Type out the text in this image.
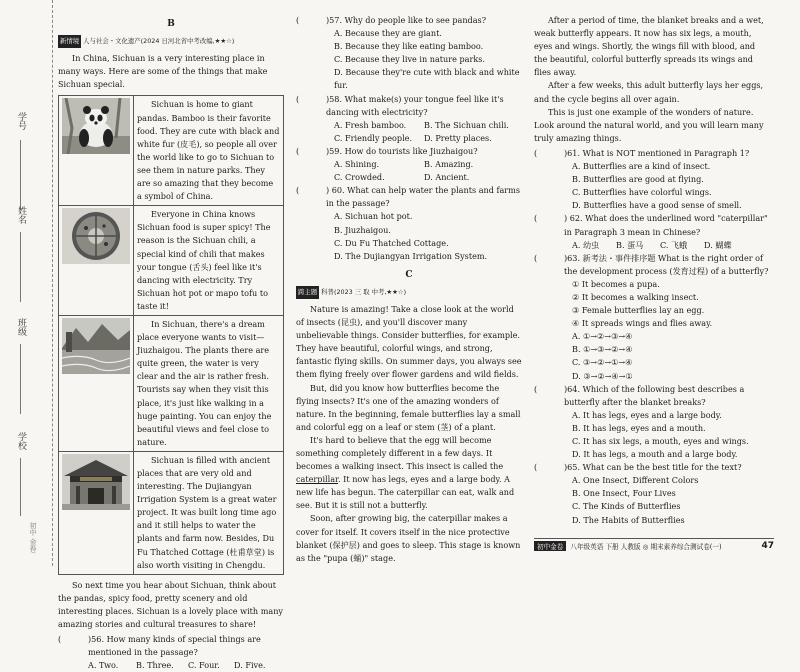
学号
姓名
班级
学校
初中 金卷
B
新情境 人与社会・文化遗产(2024 日河北省中考改编,★★☆)

In China, Sichuan is a very interesting place in many ways. Here are some of the things that make Sichuan special.

	Sichuan is home to giant pandas. Bamboo is their favorite food. They are cute with black and white fur (皮毛), so people all over the world like to go to Sichuan to see them in nature parks. They are so amazing that they become a symbol of China.
	Everyone in China knows Sichuan food is super spicy! The reason is the Sichuan chili, a special kind of chili that makes your tongue (舌头) feel like it's dancing with electricity. Try Sichuan hot pot or mapo tofu to taste it!
	In Sichuan, there's a dream place everyone wants to visit—Jiuzhaigou. The plants there are quite green, the water is very clear and the air is rather fresh. Tourists say when they visit this place, it's just like walking in a huge painting. You can enjoy the beautiful views and feel close to nature.
	Sichuan is filled with ancient places that are very old and interesting. The Dujiangyan Irrigation System is a great water project. It was built long time ago and it still helps to water the plants and farm now. Besides, Du Fu Thatched Cottage (杜甫草堂) is also worth visiting in Chengdu.

So next time you hear about Sichuan, think about the pandas, spicy food, pretty scenery and old interesting places. Sichuan is a lovely place with many amazing stories and cultural treasures to share!

( )56. How many kinds of special things are mentioned in the passage?
A. Two.	B. Three.	C. Four.	D. Five.
( )57. Why do people like to see pandas?
A. Because they are giant.
B. Because they like eating bamboo.
C. Because they live in nature parks.
D. Because they're cute with black and white fur.
( )58. What make(s) your tongue feel like it's dancing with electricity?
A. Fresh bamboo.	B. The Sichuan chili.
C. Friendly people.	D. Pretty places.
( )59. How do tourists like Jiuzhaigou?
A. Shining.	B. Amazing.
C. Crowded.	D. Ancient.
( ) 60. What can help water the plants and farms in the passage?
A. Sichuan hot pot.
B. Jiuzhaigou.
C. Du Fu Thatched Cottage.
D. The Dujiangyan Irrigation System.
C
跨主题 科普(2023 三 取 中考,★★☆)

Nature is amazing! Take a close look at the world of insects (昆虫), and you'll discover many unbelievable things. Consider butterflies, for example. They have beautiful, colorful wings, and strong, fantastic flying skills. On summer days, you always see them flying freely over flower gardens and wild fields.

But, did you know how butterflies become the flying insects? It's one of the amazing wonders of nature. In the beginning, female butterflies lay a small and colorful egg on a leaf or stem (茎) of a plant.

It's hard to believe that the egg will become something completely different in a few days. It becomes a walking insect. This insect is called the caterpillar. It now has legs, eyes and a large body. A new life has begun. The caterpillar can eat, walk and see. But it is still not a butterfly.

Soon, after growing big, the caterpillar makes a cover for itself. It covers itself in the nice protective blanket (保护层) and goes to sleep. This stage is known as the "pupa (蛹)" stage.

After a period of time, the blanket breaks and a wet, weak butterfly appears. It now has six legs, a mouth, eyes and wings. Shortly, the wings fill with blood, and the beautiful, colorful butterfly spreads its wings and flies away.

After a few weeks, this adult butterfly lays her eggs, and the cycle begins all over again.

This is just one example of the wonders of nature. Look around the natural world, and you will learn many truly amazing things.

( )61. What is NOT mentioned in Paragraph 1?
A. Butterflies are a kind of insect.
B. Butterflies are good at flying.
C. Butterflies have colorful wings.
D. Butterflies have a good sense of smell.
( ) 62. What does the underlined word "caterpillar" in Paragraph 3 mean in Chinese?
A. 幼虫	B. 蛋马	C. 飞蛾	D. 蝴蝶
( )63. 新考法・事件排序题 What is the right order of the development process (发育过程) of a butterfly?
① It becomes a pupa.
② It becomes a walking insect.
③ Female butterflies lay an egg.
④ It spreads wings and flies away.
A. ①→②→③→④
B. ①→③→②→④
C. ③→②→①→④
D. ③→②→④→①
( )64. Which of the following best describes a butterfly after the blanket breaks?
A. It has legs, eyes and a large body.
B. It has legs, eyes and a mouth.
C. It has six legs, a mouth, eyes and wings.
D. It has legs, a mouth and a large body.
( )65. What can be the best title for the text?
A. One Insect, Different Colors
B. One Insect, Four Lives
C. The Kinds of Butterflies
D. The Habits of Butterflies
初中金卷	八年级英语 下册 人教版 ◎ 期末素养综合测试卷(一)	47
